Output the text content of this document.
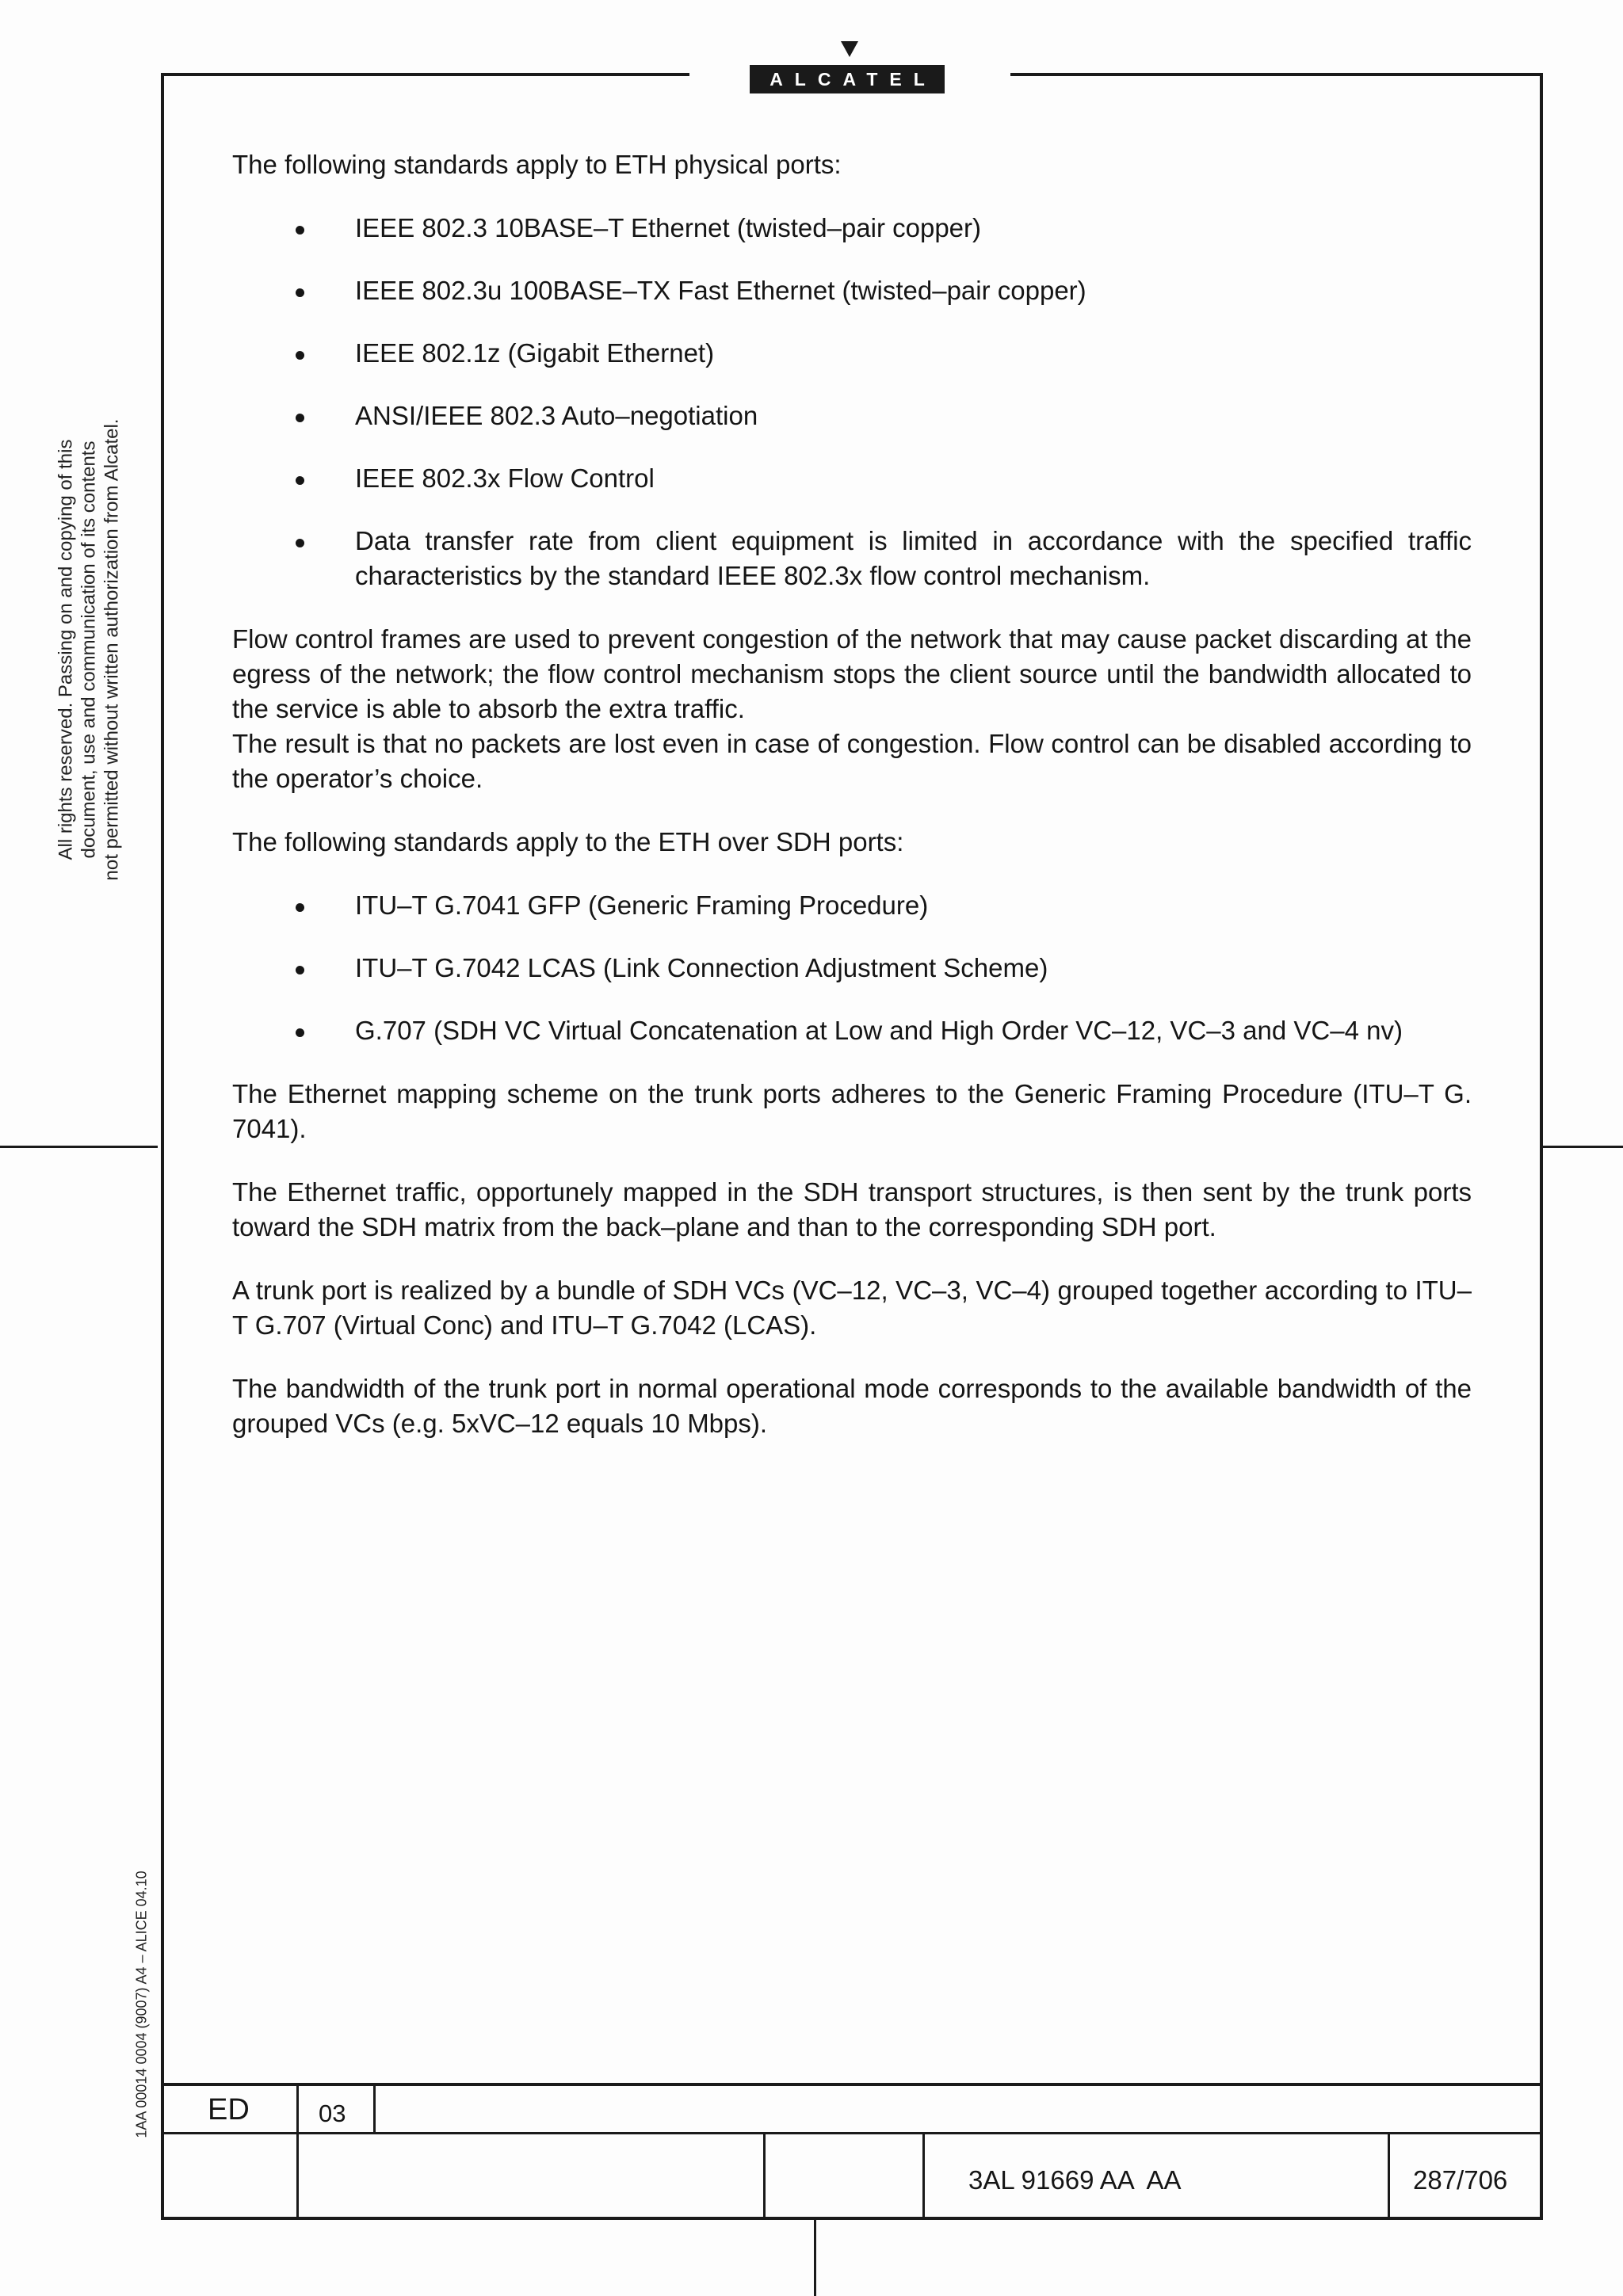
ALCATEL
All rights reserved. Passing on and copying of this document, use and communication of its contents not permitted without written authorization from Alcatel.
1AA 00014 0004 (9007) A4 – ALICE 04.10

The following standards apply to ETH physical ports:

IEEE 802.3 10BASE–T Ethernet (twisted–pair copper)
IEEE 802.3u 100BASE–TX Fast Ethernet (twisted–pair copper)
IEEE 802.1z (Gigabit Ethernet)
ANSI/IEEE 802.3 Auto–negotiation
IEEE 802.3x Flow Control
Data transfer rate from client equipment is limited in accordance with the specified traffic characteristics by the standard IEEE 802.3x flow control mechanism.

Flow control frames are used to prevent congestion of the network that may cause packet discarding at the egress of the network; the flow control mechanism stops the client source until the bandwidth allocated to the service is able to absorb the extra traffic.

The result is that no packets are lost even in case of congestion. Flow control can be disabled according to the operator’s choice.

The following standards apply to the ETH over SDH ports:

ITU–T G.7041 GFP (Generic Framing Procedure)
ITU–T G.7042 LCAS (Link Connection Adjustment Scheme)
G.707 (SDH VC Virtual Concatenation at Low and High Order VC–12, VC–3 and VC–4 nv)

The Ethernet mapping scheme on the trunk ports adheres to the Generic Framing Procedure (ITU–T G. 7041).

The Ethernet traffic, opportunely mapped in the SDH transport structures, is then sent by the trunk ports toward the SDH matrix from the back–plane and than to the corresponding SDH port.

A trunk port is realized by a bundle of SDH VCs (VC–12, VC–3, VC–4) grouped together according to ITU–T G.707 (Virtual Conc) and ITU–T G.7042 (LCAS).

The bandwidth of the trunk port in normal operational mode corresponds to the available bandwidth of the grouped VCs (e.g. 5xVC–12 equals 10 Mbps).

ED	03
3AL 91669 AA  AA	287/706
